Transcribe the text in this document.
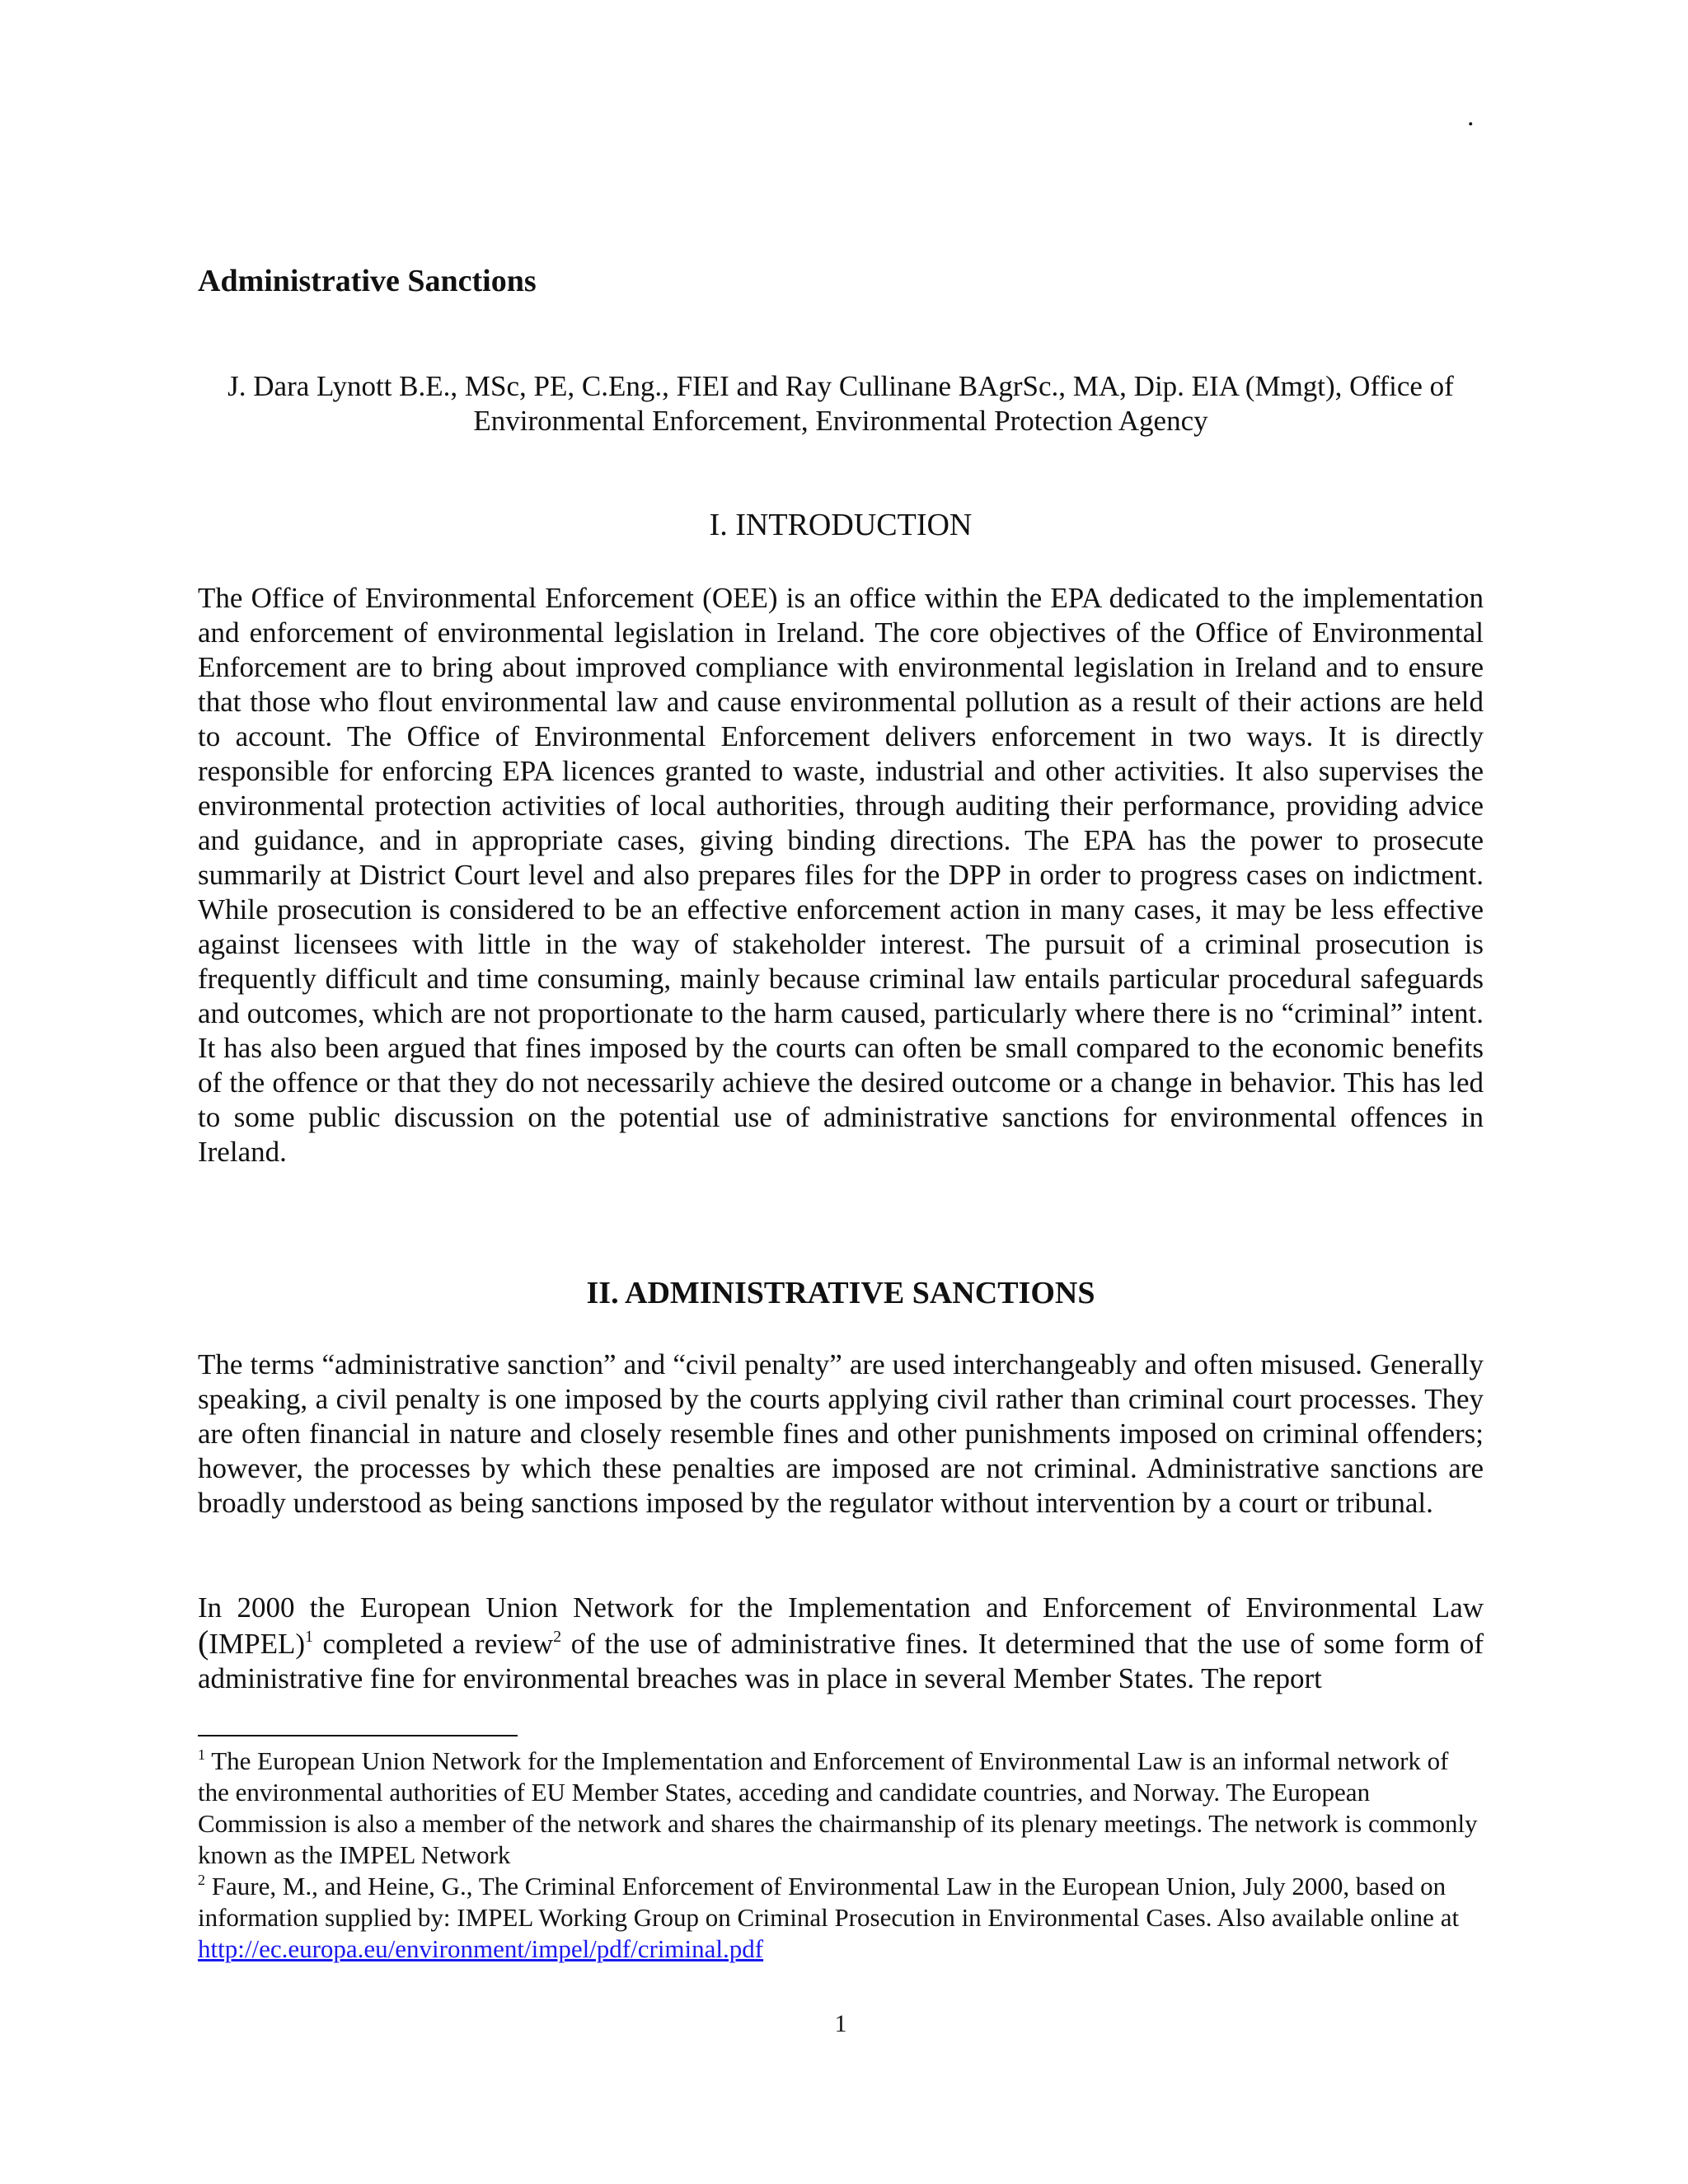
.
Administrative Sanctions

J. Dara Lynott B.E., MSc, PE, C.Eng., FIEI and Ray Cullinane BAgrSc., MA, Dip. EIA (Mmgt), Office of Environmental Enforcement, Environmental Protection Agency

I. INTRODUCTION

The Office of Environmental Enforcement (OEE) is an office within the EPA dedicated to the implementation and enforcement of environmental legislation in Ireland. The core objectives of the Office of Environmental Enforcement are to bring about improved compliance with environmental legislation in Ireland and to ensure that those who flout environmental law and cause environmental pollution as a result of their actions are held to account. The Office of Environmental Enforcement delivers enforcement in two ways. It is directly responsible for enforcing EPA licences granted to waste, industrial and other activities. It also supervises the environmental protection activities of local authorities, through auditing their performance, providing advice and guidance, and in appropriate cases, giving binding directions. The EPA has the power to prosecute summarily at District Court level and also prepares files for the DPP in order to progress cases on indictment. While prosecution is considered to be an effective enforcement action in many cases, it may be less effective against licensees with little in the way of stakeholder interest. The pursuit of a criminal prosecution is frequently difficult and time consuming, mainly because criminal law entails particular procedural safeguards and outcomes, which are not proportionate to the harm caused, particularly where there is no “criminal” intent. It has also been argued that fines imposed by the courts can often be small compared to the economic benefits of the offence or that they do not necessarily achieve the desired outcome or a change in behavior. This has led to some public discussion on the potential use of administrative sanctions for environmental offences in Ireland.

II. ADMINISTRATIVE SANCTIONS

The terms “administrative sanction” and “civil penalty” are used interchangeably and often misused. Generally speaking, a civil penalty is one imposed by the courts applying civil rather than criminal court processes. They are often financial in nature and closely resemble fines and other punishments imposed on criminal offenders; however, the processes by which these penalties are imposed are not criminal. Administrative sanctions are broadly understood as being sanctions imposed by the regulator without intervention by a court or tribunal.

In 2000 the European Union Network for the Implementation and Enforcement of Environmental Law (IMPEL)$^1$ completed a review$^2$ of the use of administrative fines. It determined that the use of some form of administrative fine for environmental breaches was in place in several Member States. The report

$^1$ The European Union Network for the Implementation and Enforcement of Environmental Law is an informal network of the environmental authorities of EU Member States, acceding and candidate countries, and Norway. The European Commission is also a member of the network and shares the chairmanship of its plenary meetings. The network is commonly known as the IMPEL Network

$^2$ Faure, M., and Heine, G., The Criminal Enforcement of Environmental Law in the European Union, July 2000, based on information supplied by: IMPEL Working Group on Criminal Prosecution in Environmental Cases. Also available online at http://ec.europa.eu/environment/impel/pdf/criminal.pdf

1
